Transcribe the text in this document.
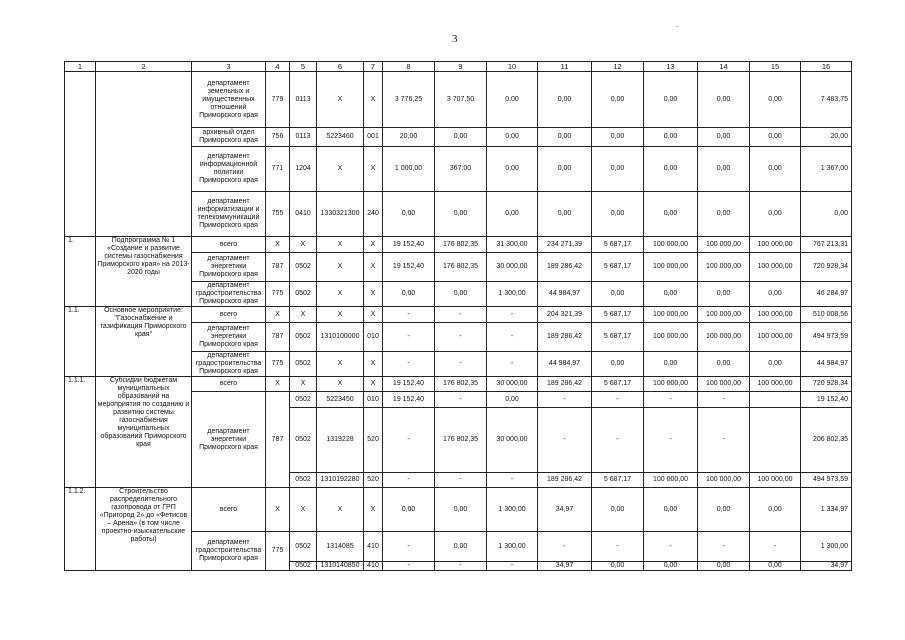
3
.
1	2	3	4	5	6	7	8	9	10	11	12	13	14	15	16
		департамент земельных и имущественных отношений Приморского края	779	0113	X	X	3 776,25	3 707,50	0,00	0,00	0,00	0,00	0,00	0,00	7 483,75
		архивный отдел Приморского края	756	0113	5223460	001	20,00	0,00	0,00	0,00	0,00	0,00	0,00	0,00	20,00
		департамент информационной политики Приморского края	771	1204	X	X	1 000,00	367,00	0,00	0,00	0,00	0,00	0,00	0,00	1 367,00
		департамент информатизации и телекоммуникаций Приморского края	755	0410	1330321300	240	0,00	0,00	0,00	0,00	0,00	0,00	0,00	0,00	0,00
1.	Подпрограмма № 1 «Создание и развитие системы газоснабжения Приморского края» на 2013-2020 годы	всего	X	X	X	X	19 152,40	176 802,35	31 300,00	234 271,39	5 687,17	100 000,00	100 000,00	100 000,00	767 213,31
		департамент энергетики Приморского края	787	0502	X	X	19 152,40	176 802,35	30 000,00	189 286,42	5 687,17	100 000,00	100 000,00	100 000,00	720 928,34
		департамент градостроительства Приморского края	775	0502	X	X	0,00	0,00	1 300,00	44 984,97	0,00	0,00	0,00	0,00	46 284,97
1.1.	Основное мероприятие: "Газоснабжение и газификация Приморского края"	всего	X	X	X	X	-	-	-	204 321,39	5 687,17	100 000,00	100 000,00	100 000,00	510 008,56
		департамент энергетики Приморского края	787	0502	1310100000	010	-	-	-	189 286,42	5 687,17	100 000,00	100 000,00	100 000,00	494 973,59
		департамент градостроительства Приморского края	775	0502	X	X	-	-	-	44 984,97	0,00	0,00	0,00	0,00	44 984,97
1.1.1.	Субсидии бюджетам муниципальных образований на мероприятия по созданию и развитию системы газоснабжения муниципальных образований Приморского края	всего	X	X	X	X	19 152,40	176 802,35	30 000,00	189 286,42	5 687,17	100 000,00	100 000,00	100 000,00	720 928,34
		департамент энергетики Приморского края	787	0502	5223450	010	19 152,40	-	0,00	-	-	-	-		19 152,40
				0502	1319228	520	-	176 802,35	30 000,00	-	-	-	-		206 802,35
				0502	1310192280	520	-	-	-	189 286,42	5 687,17	100 000,00	100 000,00	100 000,00	494 973,59
1.1.2.	Строительство распределительного газопровода от ГРП «Пригород 2» до «Фетисов – Арена» (в том числе проектно-изыскательские работы)	всего	X	X	X	X	0,00	0,00	1 300,00	34,97	0,00	0,00	0,00	0,00	1 334,97
		департамент градостроительства Приморского края	775	0502	1314085	410	-	0,00	1 300,00	-	-	-	-	-	1 300,00
				0502	1310140850	410	-	-	-	34,97	0,00	0,00	0,00	0,00	34,97
